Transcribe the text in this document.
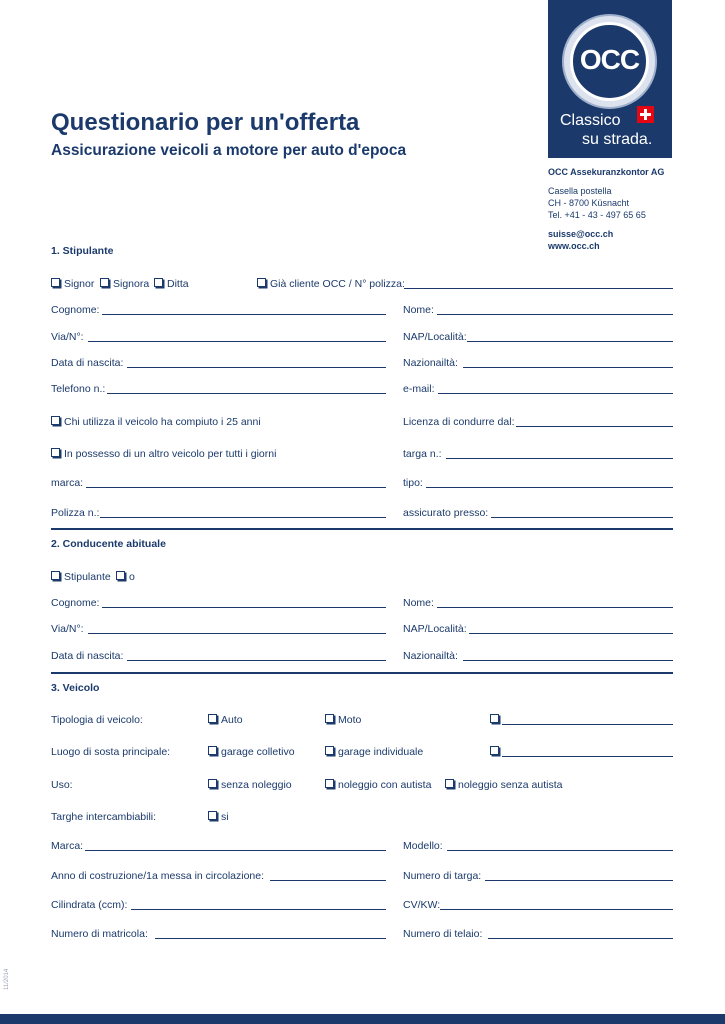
Questionario per un'offerta
Assicurazione veicoli a motore per auto d'epoca
OCC
Classico
su strada.
OCC Assekuranzkontor AG
Casella postella
CH - 8700 Küsnacht
Tel. +41 - 43 - 497 65 65
suisse@occ.ch
www.occ.ch
1. Stipulante
Signor	Signora	Ditta	Già cliente OCC / N° polizza:
Cognome:	Nome:
Via/N°:	NAP/Località:
Data di nascita:	Nazionailtà:
Telefono n.:	e-mail:
Chi utilizza il veicolo ha compiuto i 25 anni	Licenza di condurre dal:
In possesso di un altro veicolo per tutti i giorni	targa n.:
marca:	tipo:
Polizza n.:	assicurato presso:
2. Conducente abituale
Stipulante	o
Cognome:	Nome:
Via/N°:	NAP/Località:
Data di nascita:	Nazionailtà:
3. Veicolo
Tipologia di veicolo:	Auto	Moto
Luogo di sosta principale:	garage colletivo	garage individuale
Uso:	senza noleggio	noleggio con autista	noleggio senza autista
Targhe intercambiabili:	si
Marca:	Modello:
Anno di costruzione/1a messa in circolazione:	Numero di targa:
Cilindrata (ccm):	CV/KW:
Numero di matricola:	Numero di telaio:
11/2014
